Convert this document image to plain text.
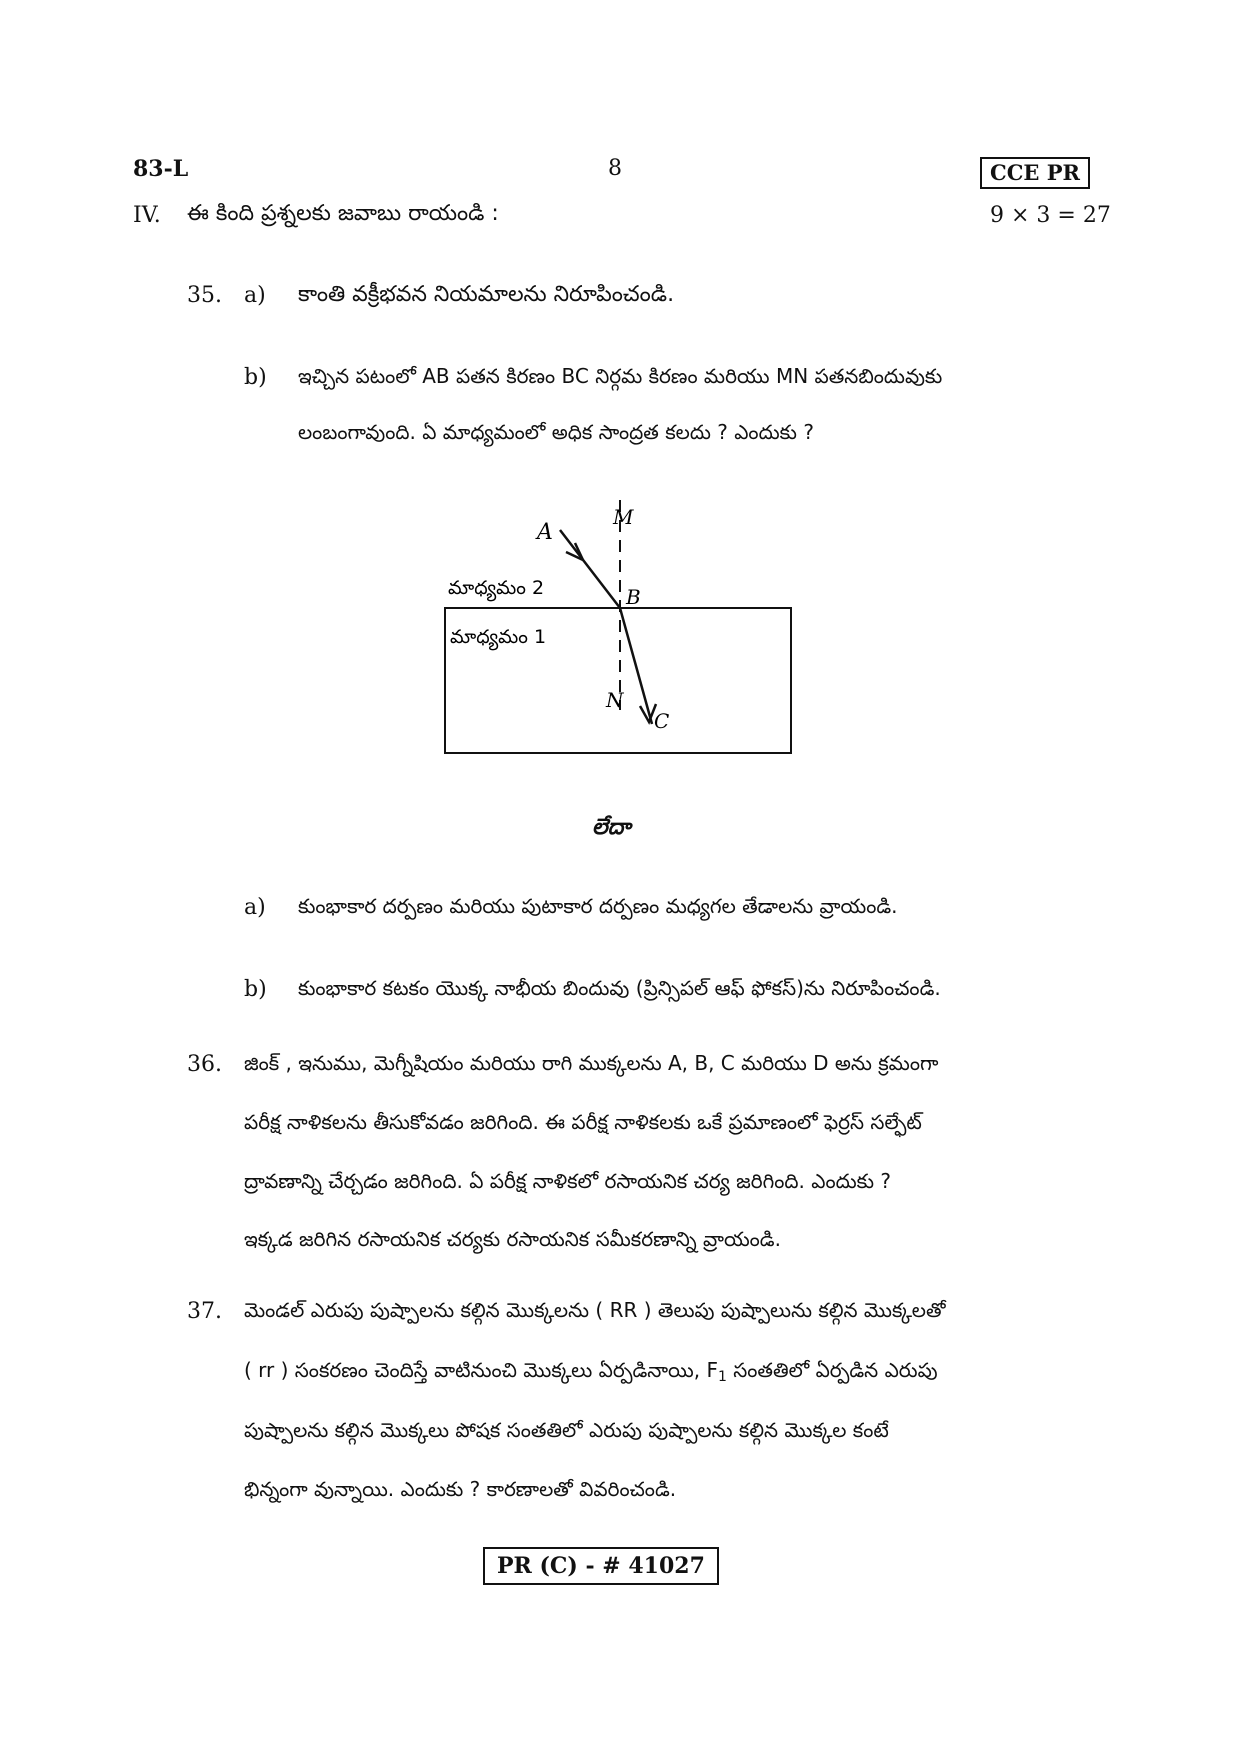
83-L	8	CCE PR
IV. ఈ కింది ప్రశ్నలకు జవాబు రాయండి :	9 × 3 = 27
35. a) కాంతి వక్రీభవన నియమాలను నిరూపించండి.
b) ఇచ్చిన పటంలో AB పతన కిరణం BC నిర్గమ కిరణం మరియు MN పతనబిందువుకు
లంబంగావుంది. ఏ మాధ్యమంలో అధిక సాంద్రత కలదు ? ఎందుకు ?
A
M
B
N
C
మాధ్యమం 2
మాధ్యమం 1
లేదా
a) కుంభాకార దర్పణం మరియు పుటాకార దర్పణం మధ్యగల తేడాలను వ్రాయండి.
b) కుంభాకార కటకం యొక్క నాభీయ బిందువు (ప్రిన్సిపల్ ఆఫ్ ఫోకస్)ను నిరూపించండి.
36. జింక్ , ఇనుము, మెగ్నీషియం మరియు రాగి ముక్కలను A, B, C మరియు D అను క్రమంగా
పరీక్ష నాళికలను తీసుకోవడం జరిగింది. ఈ పరీక్ష నాళికలకు ఒకే ప్రమాణంలో ఫెర్రస్ సల్ఫేట్
ద్రావణాన్ని చేర్చడం జరిగింది. ఏ పరీక్ష నాళికలో రసాయనిక చర్య జరిగింది. ఎందుకు ?
ఇక్కడ జరిగిన రసాయనిక చర్యకు రసాయనిక సమీకరణాన్ని వ్రాయండి.
37. మెండల్ ఎరుపు పుష్పాలను కల్గిన మొక్కలను ( RR ) తెలుపు పుష్పాలును కల్గిన మొక్కలతో
( rr ) సంకరణం చెందిస్తే వాటినుంచి మొక్కలు ఏర్పడినాయి, $F_1$ సంతతిలో ఏర్పడిన ఎరుపు
పుష్పాలను కల్గిన మొక్కలు పోషక సంతతిలో ఎరుపు పుష్పాలను కల్గిన మొక్కల కంటే
భిన్నంగా వున్నాయి. ఎందుకు ? కారణాలతో వివరించండి.
PR (C) - # 41027
